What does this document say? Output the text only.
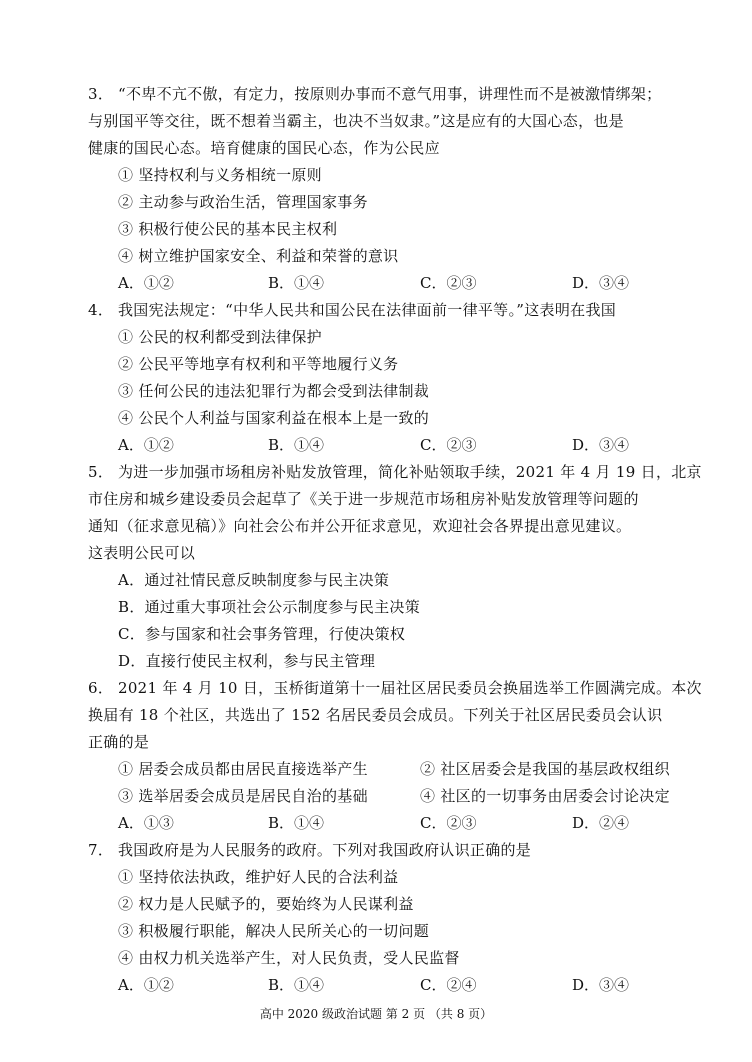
3． “不卑不亢不傲，有定力，按原则办事而不意气用事，讲理性而不是被激情绑架；
与别国平等交往，既不想着当霸主，也决不当奴隶。”这是应有的大国心态，也是
健康的国民心态。培育健康的国民心态，作为公民应
① 坚持权利与义务相统一原则
② 主动参与政治生活，管理国家事务
③ 积极行使公民的基本民主权利
④ 树立维护国家安全、利益和荣誉的意识
A．①②	B．①④	C．②③	D．③④
4． 我国宪法规定：“中华人民共和国公民在法律面前一律平等。”这表明在我国
① 公民的权利都受到法律保护
② 公民平等地享有权利和平等地履行义务
③ 任何公民的违法犯罪行为都会受到法律制裁
④ 公民个人利益与国家利益在根本上是一致的
A．①②	B．①④	C．②③	D．③④
5． 为进一步加强市场租房补贴发放管理，简化补贴领取手续，2021 年 4 月 19 日，北京
市住房和城乡建设委员会起草了《关于进一步规范市场租房补贴发放管理等问题的
通知（征求意见稿）》向社会公布并公开征求意见，欢迎社会各界提出意见建议。
这表明公民可以
A．通过社情民意反映制度参与民主决策
B．通过重大事项社会公示制度参与民主决策
C．参与国家和社会事务管理，行使决策权
D．直接行使民主权利，参与民主管理
6． 2021 年 4 月 10 日，玉桥街道第十一届社区居民委员会换届选举工作圆满完成。本次
换届有 18 个社区，共选出了 152 名居民委员会成员。下列关于社区居民委员会认识
正确的是
① 居委会成员都由居民直接选举产生	② 社区居委会是我国的基层政权组织
③ 选举居委会成员是居民自治的基础	④ 社区的一切事务由居委会讨论决定
A．①③	B．①④	C．②③	D．②④
7． 我国政府是为人民服务的政府。下列对我国政府认识正确的是
① 坚持依法执政，维护好人民的合法利益
② 权力是人民赋予的，要始终为人民谋利益
③ 积极履行职能，解决人民所关心的一切问题
④ 由权力机关选举产生，对人民负责，受人民监督
A．①②	B．①④	C．②④	D．③④
高中 2020 级政治试题 第 2 页 （共 8 页）
